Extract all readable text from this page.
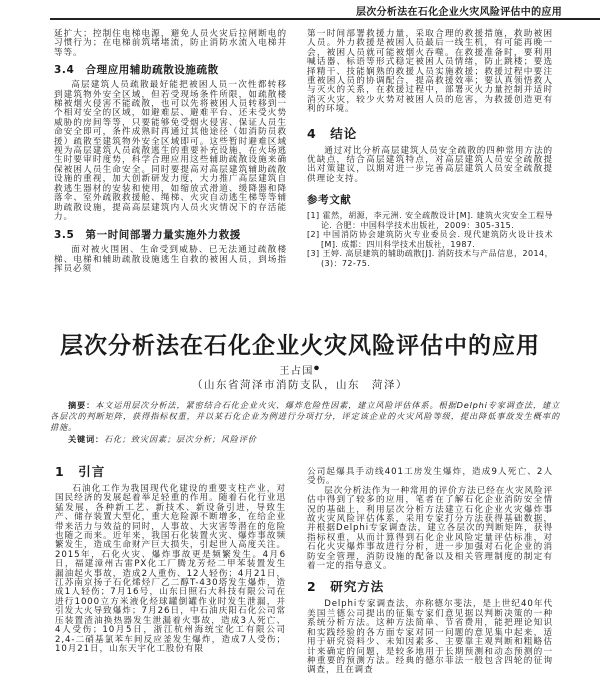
层次分析法在石化企业火灾风险评估中的应用

延扩大；控制住电梯电源，避免人员火灾后拉闸断电的习惯行为；在电梯前筑堵堵流，防止消防水流入电梯井等等。

3.4　合理应用辅助疏散设施疏散

高层建筑人员疏散最好能把被困人员一次性都转移到建筑物外安全区域，但若受现场条件所限，如疏散楼梯被烟火侵害不能疏散，也可以先将被困人员转移到一个相对安全的区域，如避难层、避难平台、还未受火势威胁的房间等等，只要能够免受烟火侵害、保证人员生命安全即可，条件成熟时再通过其他途径（如消防员救援）疏散至建筑物外安全区域即可。这些暂时避难区域视为高层建筑人员疏散逃生的重要补充设施，在火场逃生时要审时度势，科学合理应用这些辅助疏散设施来确保被困人员生命安全。同时要提高对高层建筑辅助疏散设施的重视，加大创新研发力度，大力推广高层建筑自救逃生器材的安装和使用，如缩放式滑道、缓降器和降落伞、室外疏散救援舱、绳梯、火灾自动逃生梯等等辅助疏散设施，提高高层建筑内人员火灾情况下的存活能力。

3.5　第一时间部署力量实施外力救援

面对被火围困、生命受到威胁、已无法通过疏散楼梯、电梯和辅助疏散设施逃生自救的被困人员，到场指挥员必须

第一时间部署救援力量，采取合理的救援措施，救助被困人员。外力救援是被困人员最后一线生机，有可能再晚一会，被困人员就可能被烟火吞噬。在救援准备时，要利用喊话器、标语等形式稳定被困人员情绪，防止跳楼；要选择精干、技能娴熟的救援人员实施救援；救援过程中要注重被困人员的协调配合，提高救援效率；要认真领悟救人与灭火的关系，在救援过程中，部署灭火力量控制并适时消灭火灾，较少火势对被困人员的危害，为救援创造更有利的环境。

4　结论

通过对比分析高层建筑人员安全疏散的四种常用方法的优缺点，结合高层建筑特点，对高层建筑人员安全疏散提出对策建议，以期对进一步完善高层建筑人员安全疏散提供理论支持。

参考文献
[1] 霍然，胡源，李元洲. 安全疏散设计[M]. 建筑火灾安全工程导论. 合肥：中国科学技术出版社，2009：305-315.
[2] 中国消防协会建筑防火专业委员会. 现代建筑防火设计技术[M]. 成都：四川科学技术出版社，1987.
[3] 王婷. 高层建筑的辅助疏散[J]. 消防技术与产品信息，2014，(3)：72-75.
层次分析法在石化企业火灾风险评估中的应用
王占国●
（山东省菏泽市消防支队，山东　菏泽）
摘要：本文运用层次分析法，紧密结合石化企业火灾、爆炸危险性因素，建立风险评估体系。根据Delphi专家调查法，建立各层次的判断矩阵，获得指标权重，并以某石化企业为例进行分项打分，评定该企业的火灾风险等级，提出降低事故发生概率的措施。
关键词：石化；致灾因素；层次分析；风险评价
1　引言

石油化工作为我国现代化建设的重要支柱产业，对国民经济的发展起着举足轻重的作用。随着石化行业迅猛发展，各种新工艺、新技术、新设备引进，导致生产、储存装置大型化，重大危险源不断增多，在给企业带来活力与效益的同时，人事故、大灾害等潜在的危险也随之而来。近年来，我国石化装置火灾、爆炸事故频繁发生，造成生命财产巨大损失，引起世人高度关注。2015年，石化火灾、爆炸事故更是频繁发生。4月6日，福建漳州古雷PX化工厂腾龙芳烃二甲苯装置发生漏油起火事故，造成2人重伤、12人轻伤；4月21日，江苏南京扬子石化烯烃厂乙二醇T-430塔发生爆炸，造成1人轻伤；7月16号，山东日照石大科技有限公司在进行1000立方米液化烃球罐倒罐作业时发生泄漏，并引发大火导致爆炸；7月26日，中石油庆阳石化公司常压装置渣油换热器发生泄漏着火事故，造成3人死亡、4人受伤；10月5日，浙江杭州海统宝化工有限公司2,4-二硝基氯苯车间反应釜发生爆炸，造成7人受伤；10月21日，山东天宇化工股份有限

公司起爆具手动线401工房发生爆炸，造成9人死亡、2人受伤。

层次分析法作为一种常用的评价方法已经在火灾风险评估中得到了较多的应用，笔者在了解石化企业消防安全情况的基础上，利用层次分析方法建立石化企业火灾爆炸事故火灾风险评估体系，采用专家打分方法获得基础数据，并根据Delphi专家调查法，建立各层次的判断矩阵，获得指标权重，从而计算得到石化企业风险定量评估标准，对石化火灾爆炸事故进行分析，进一步加强对石化企业的消防安全管理，消防设施的配备以及相关管理制度的制定有着一定的指导意义。

2　研究方法

Delphi专家调查法，亦称德尔斐法，是上世纪40年代美国兰德公司提出的征集专家们意见据以判断决策的一种系统分析方法。这种方法简单、节省费用，能把理论知识和实践经验的各方面专家对同一问题的意见集中起来，适用于研究资料少、未知因素多、主要靠主观判断和粗略估计来确定的问题，是较多地用于长期预测和动态预测的一种重要的预测方法。经典的德尔菲法一般包含四轮的征询调查，且在调查
